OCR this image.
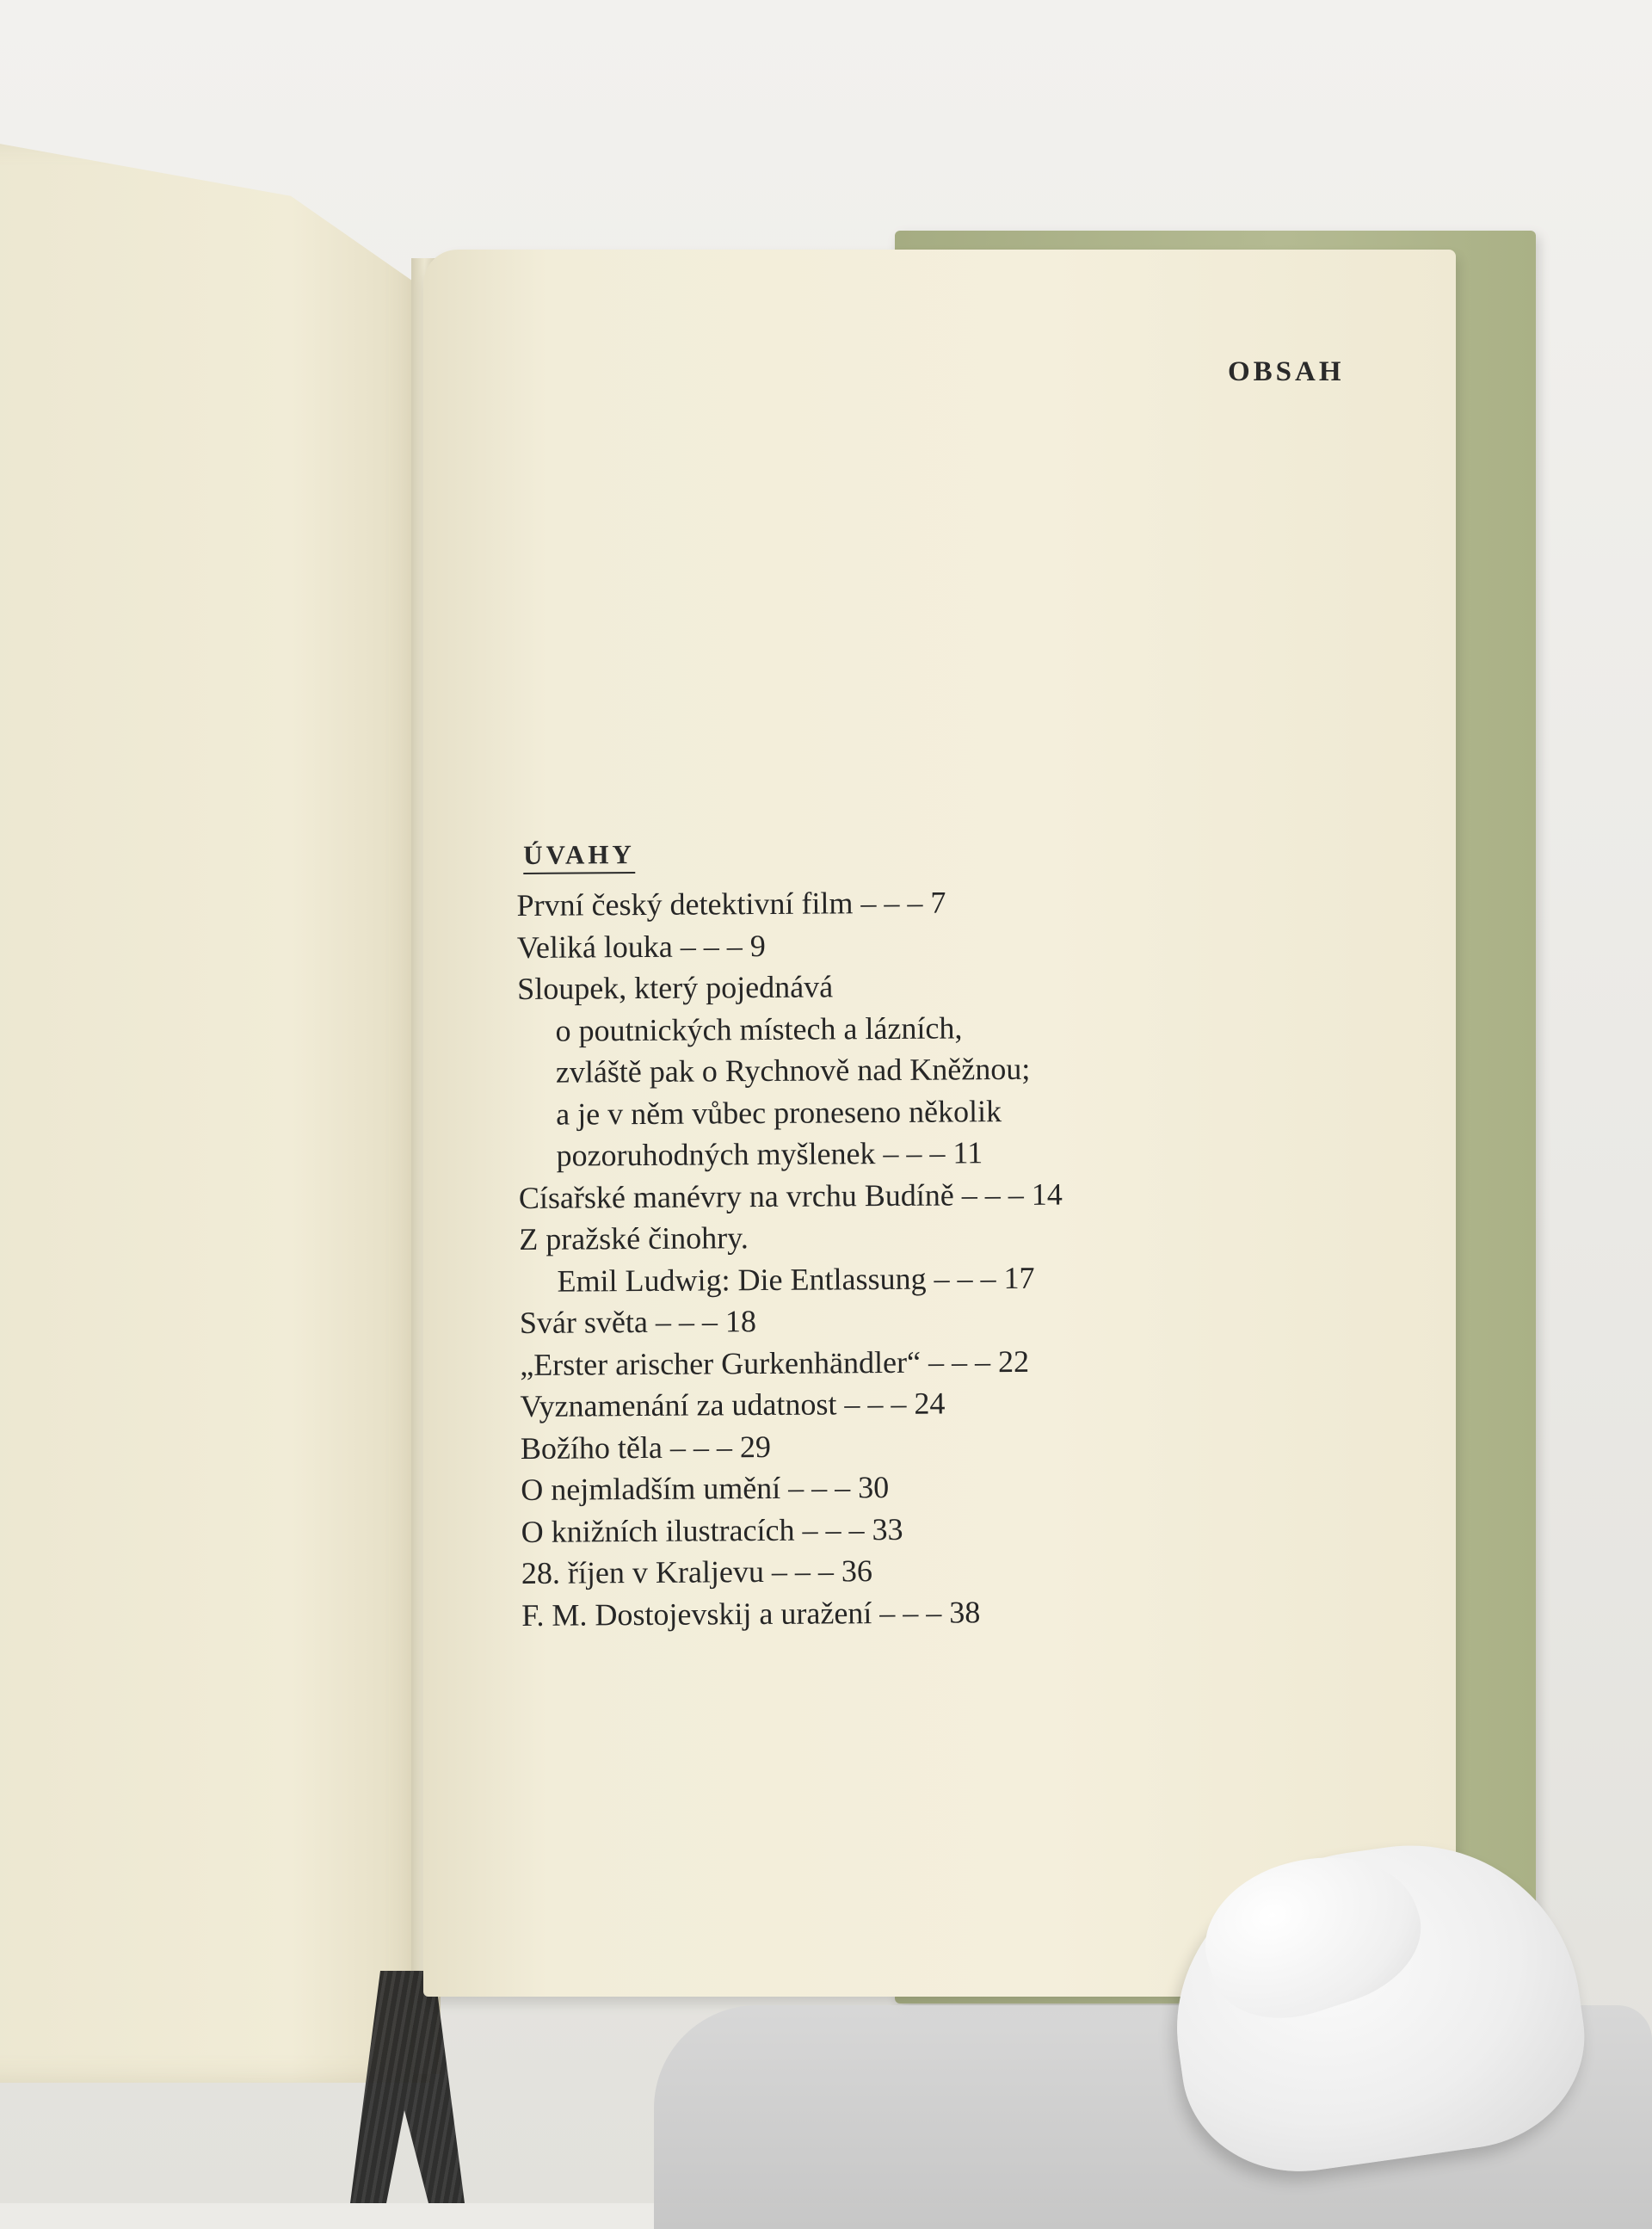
OBSAH
ÚVAHY
První český detektivní film – – – 7
Veliká louka – – – 9
Sloupek, který pojednává
o poutnických místech a lázních,
zvláště pak o Rychnově nad Kněžnou;
a je v něm vůbec proneseno několik
pozoruhodných myšlenek – – – 11
Císařské manévry na vrchu Budíně – – – 14
Z pražské činohry.
Emil Ludwig: Die Entlassung – – – 17
Svár světa – – – 18
„Erster arischer Gurkenhändler“ – – – 22
Vyznamenání za udatnost – – – 24
Božího těla – – – 29
O nejmladším umění – – – 30
O knižních ilustracích – – – 33
28. říjen v Kraljevu – – – 36
F. M. Dostojevskij a uražení – – – 38
